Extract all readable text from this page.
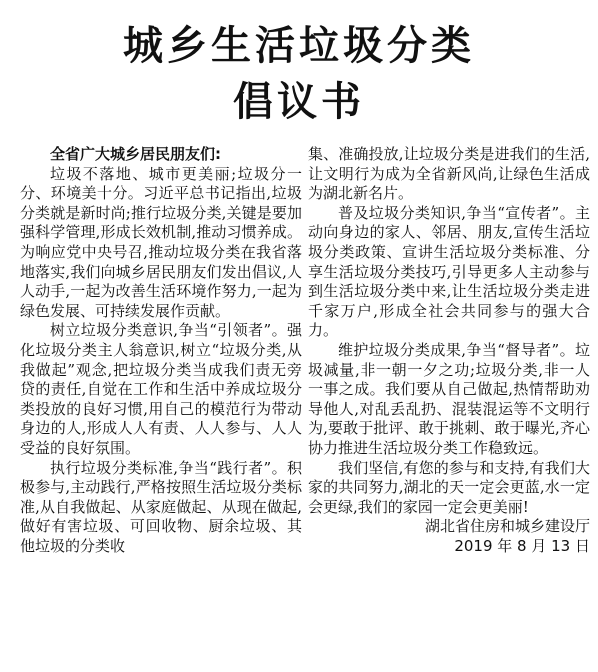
城乡生活垃圾分类
倡议书

全省广大城乡居民朋友们:

垃圾不落地、城市更美丽;垃圾分一分、环境美十分。习近平总书记指出,垃圾分类就是新时尚;推行垃圾分类,关键是要加强科学管理,形成长效机制,推动习惯养成。为响应党中央号召,推动垃圾分类在我省落地落实,我们向城乡居民朋友们发出倡议,人人动手,一起为改善生活环境作努力,一起为绿色发展、可持续发展作贡献。

树立垃圾分类意识,争当“引领者”。强化垃圾分类主人翁意识,树立“垃圾分类,从我做起”观念,把垃圾分类当成我们责无旁贷的责任,自觉在工作和生活中养成垃圾分类投放的良好习惯,用自己的模范行为带动身边的人,形成人人有责、人人参与、人人受益的良好氛围。

执行垃圾分类标准,争当“践行者”。积极参与,主动践行,严格按照生活垃圾分类标准,从自我做起、从家庭做起、从现在做起,做好有害垃圾、可回收物、厨余垃圾、其他垃圾的分类收

集、准确投放,让垃圾分类是进我们的生活,让文明行为成为全省新风尚,让绿色生活成为湖北新名片。

普及垃圾分类知识,争当“宣传者”。主动向身边的家人、邻居、朋友,宣传生活垃圾分类政策、宣讲生活垃圾分类标准、分享生活垃圾分类技巧,引导更多人主动参与到生活垃圾分类中来,让生活垃圾分类走进千家万户,形成全社会共同参与的强大合力。

维护垃圾分类成果,争当“督导者”。垃圾减量,非一朝一夕之功;垃圾分类,非一人一事之成。我们要从自己做起,热情帮助劝导他人,对乱丢乱扔、混装混运等不文明行为,要敢于批评、敢于挑刺、敢于曝光,齐心协力推进生活垃圾分类工作稳致远。

我们坚信,有您的参与和支持,有我们大家的共同努力,湖北的天一定会更蓝,水一定会更绿,我们的家园一定会更美丽!

湖北省住房和城乡建设厅

2019 年 8 月 13 日
